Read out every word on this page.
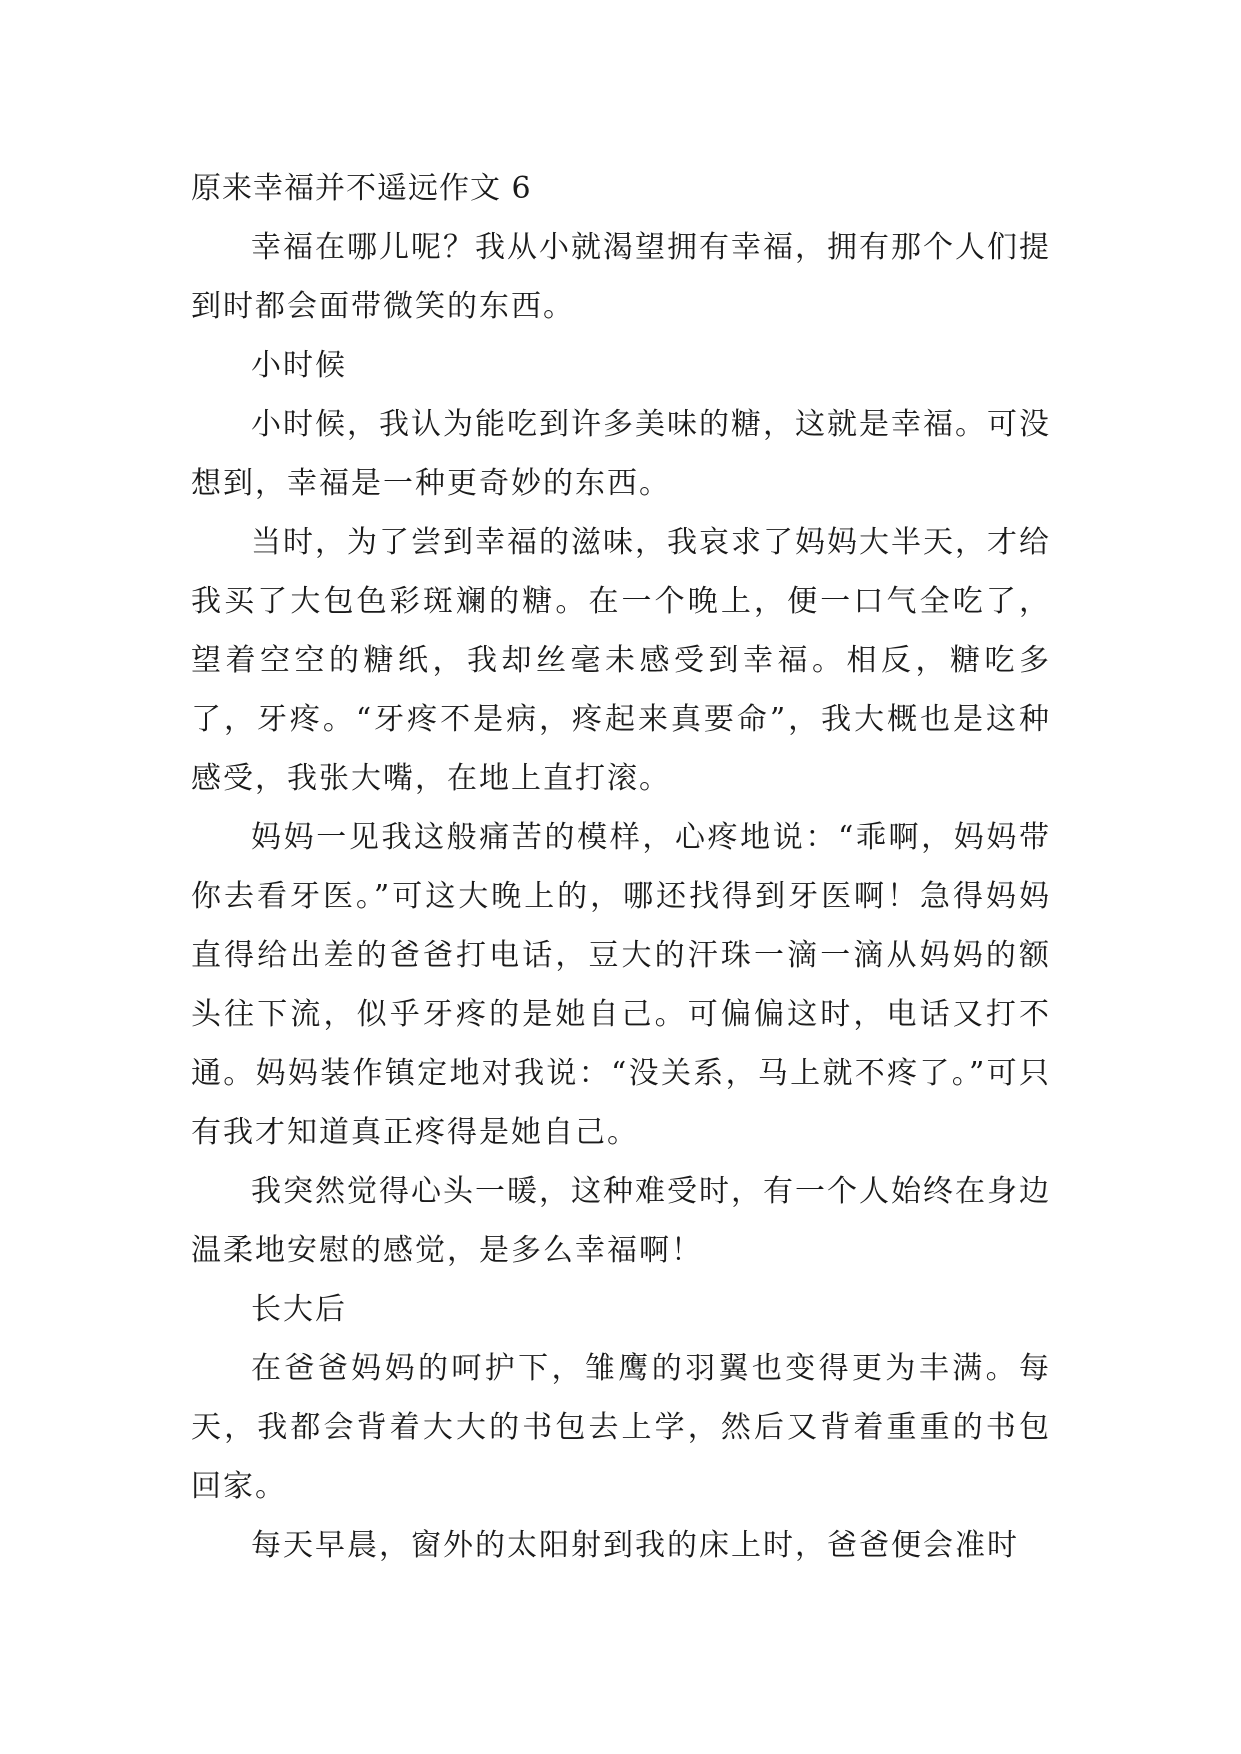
原来幸福并不遥远作文 6

幸福在哪儿呢？我从小就渴望拥有幸福，拥有那个人们提到时都会面带微笑的东西。

小时候

小时候，我认为能吃到许多美味的糖，这就是幸福。可没想到，幸福是一种更奇妙的东西。

当时，为了尝到幸福的滋味，我哀求了妈妈大半天，才给我买了大包色彩斑斓的糖。在一个晚上，便一口气全吃了，望着空空的糖纸，我却丝毫未感受到幸福。相反，糖吃多了，牙疼。“牙疼不是病，疼起来真要命”，我大概也是这种感受，我张大嘴，在地上直打滚。

妈妈一见我这般痛苦的模样，心疼地说：“乖啊，妈妈带你去看牙医。”可这大晚上的，哪还找得到牙医啊！急得妈妈直得给出差的爸爸打电话，豆大的汗珠一滴一滴从妈妈的额头往下流，似乎牙疼的是她自己。可偏偏这时，电话又打不通。妈妈装作镇定地对我说：“没关系，马上就不疼了。”可只有我才知道真正疼得是她自己。

我突然觉得心头一暖，这种难受时，有一个人始终在身边温柔地安慰的感觉，是多么幸福啊！

长大后

在爸爸妈妈的呵护下，雏鹰的羽翼也变得更为丰满。每天，我都会背着大大的书包去上学，然后又背着重重的书包回家。

每天早晨，窗外的太阳射到我的床上时，爸爸便会准时
